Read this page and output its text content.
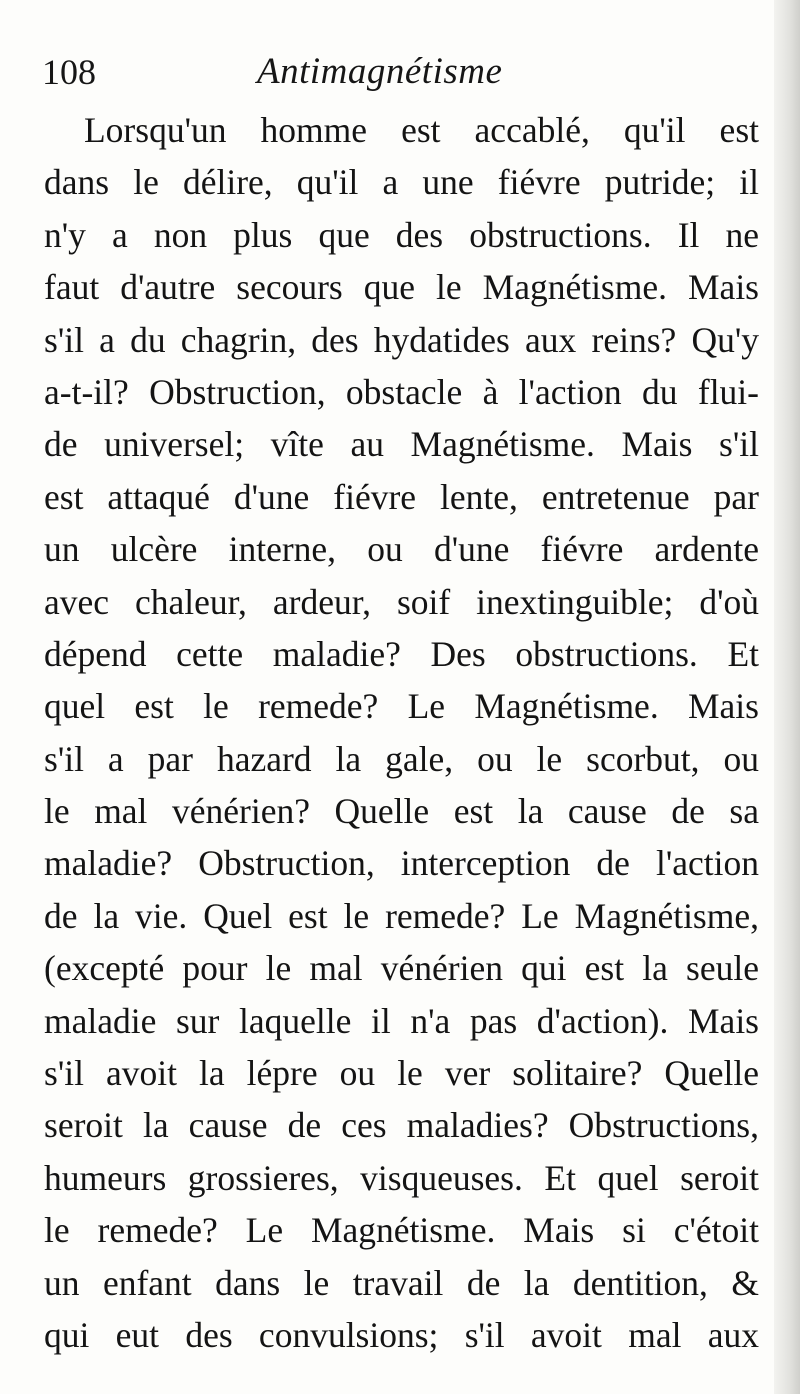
108	Antimagnétisme
Lorsqu'un homme est accablé, qu'il est
dans le délire, qu'il a une fiévre putride; il
n'y a non plus que des obstructions. Il ne
faut d'autre secours que le Magnétisme. Mais
s'il a du chagrin, des hydatides aux reins? Qu'y
a-t-il? Obstruction, obstacle à l'action du flui-
de universel; vîte au Magnétisme. Mais s'il
est attaqué d'une fiévre lente, entretenue par
un ulcère interne, ou d'une fiévre ardente
avec chaleur, ardeur, soif inextinguible; d'où
dépend cette maladie? Des obstructions. Et
quel est le remede? Le Magnétisme. Mais
s'il a par hazard la gale, ou le scorbut, ou
le mal vénérien? Quelle est la cause de sa
maladie? Obstruction, interception de l'action
de la vie. Quel est le remede? Le Magnétisme,
(excepté pour le mal vénérien qui est la seule
maladie sur laquelle il n'a pas d'action). Mais
s'il avoit la lépre ou le ver solitaire? Quelle
seroit la cause de ces maladies? Obstructions,
humeurs grossieres, visqueuses. Et quel seroit
le remede? Le Magnétisme. Mais si c'étoit
un enfant dans le travail de la dentition, &
qui eut des convulsions; s'il avoit mal aux
